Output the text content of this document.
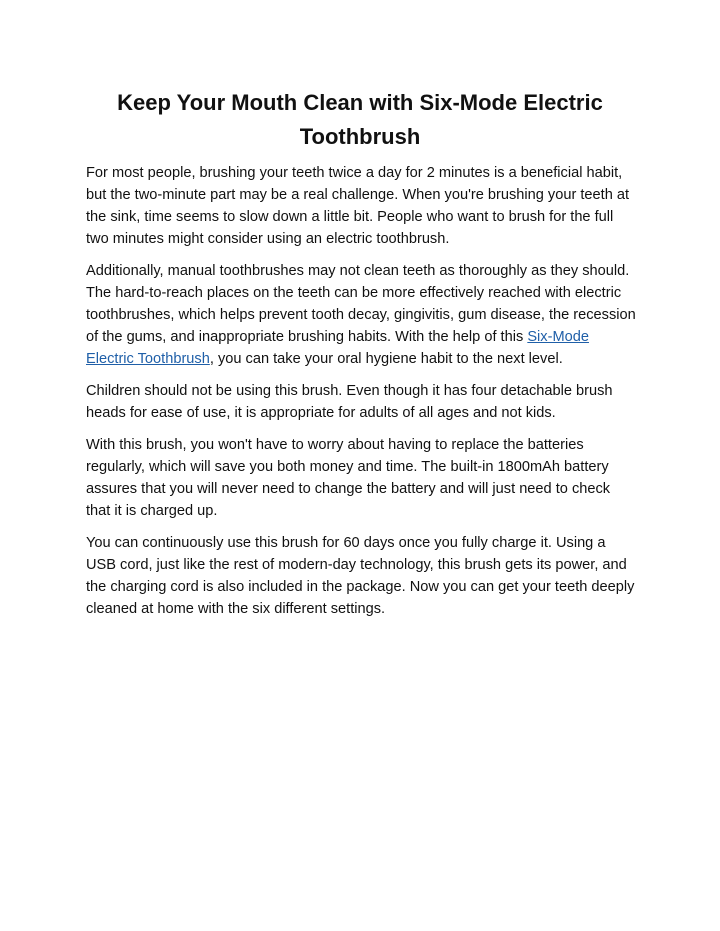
Keep Your Mouth Clean with Six-Mode Electric Toothbrush

For most people, brushing your teeth twice a day for 2 minutes is a beneficial habit, but the two-minute part may be a real challenge. When you're brushing your teeth at the sink, time seems to slow down a little bit. People who want to brush for the full two minutes might consider using an electric toothbrush.

Additionally, manual toothbrushes may not clean teeth as thoroughly as they should. The hard-to-reach places on the teeth can be more effectively reached with electric toothbrushes, which helps prevent tooth decay, gingivitis, gum disease, the recession of the gums, and inappropriate brushing habits. With the help of this Six-Mode Electric Toothbrush, you can take your oral hygiene habit to the next level.

Children should not be using this brush. Even though it has four detachable brush heads for ease of use, it is appropriate for adults of all ages and not kids.

With this brush, you won't have to worry about having to replace the batteries regularly, which will save you both money and time. The built-in 1800mAh battery assures that you will never need to change the battery and will just need to check that it is charged up.

You can continuously use this brush for 60 days once you fully charge it. Using a USB cord, just like the rest of modern-day technology, this brush gets its power, and the charging cord is also included in the package. Now you can get your teeth deeply cleaned at home with the six different settings.
